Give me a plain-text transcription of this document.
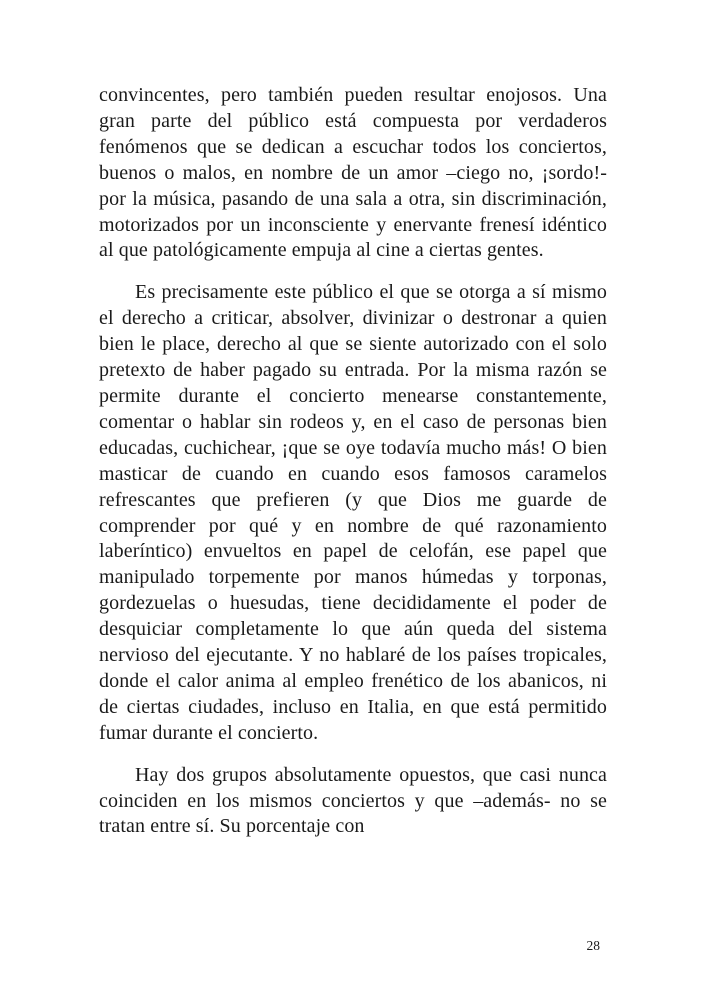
convincentes, pero también pueden resultar enojosos. Una gran parte del público está compuesta por verdaderos fenómenos que se dedican a escuchar todos los conciertos, buenos o malos, en nombre de un amor –ciego no, ¡sordo!- por la música, pasando de una sala a otra, sin discriminación, motorizados por un inconsciente y enervante frenesí idéntico al que patológicamente empuja al cine a ciertas gentes.

Es precisamente este público el que se otorga a sí mismo el derecho a criticar, absolver, divinizar o destronar a quien bien le place, derecho al que se siente autorizado con el solo pretexto de haber pagado su entrada. Por la misma razón se permite durante el concierto menearse constantemente, comentar o hablar sin rodeos y, en el caso de personas bien educadas, cuchichear, ¡que se oye todavía mucho más! O bien masticar de cuando en cuando esos famosos caramelos refrescantes que prefieren (y que Dios me guarde de comprender por qué y en nombre de qué razonamiento laberíntico) envueltos en papel de celofán, ese papel que manipulado torpemente por manos húmedas y torponas, gordezuelas o huesudas, tiene decididamente el poder de desquiciar completamente lo que aún queda del sistema nervioso del ejecutante. Y no hablaré de los países tropicales, donde el calor anima al empleo frenético de los abanicos, ni de ciertas ciudades, incluso en Italia, en que está permitido fumar durante el concierto.

Hay dos grupos absolutamente opuestos, que casi nunca coinciden en los mismos conciertos y que –además- no se tratan entre sí. Su porcentaje con

28
